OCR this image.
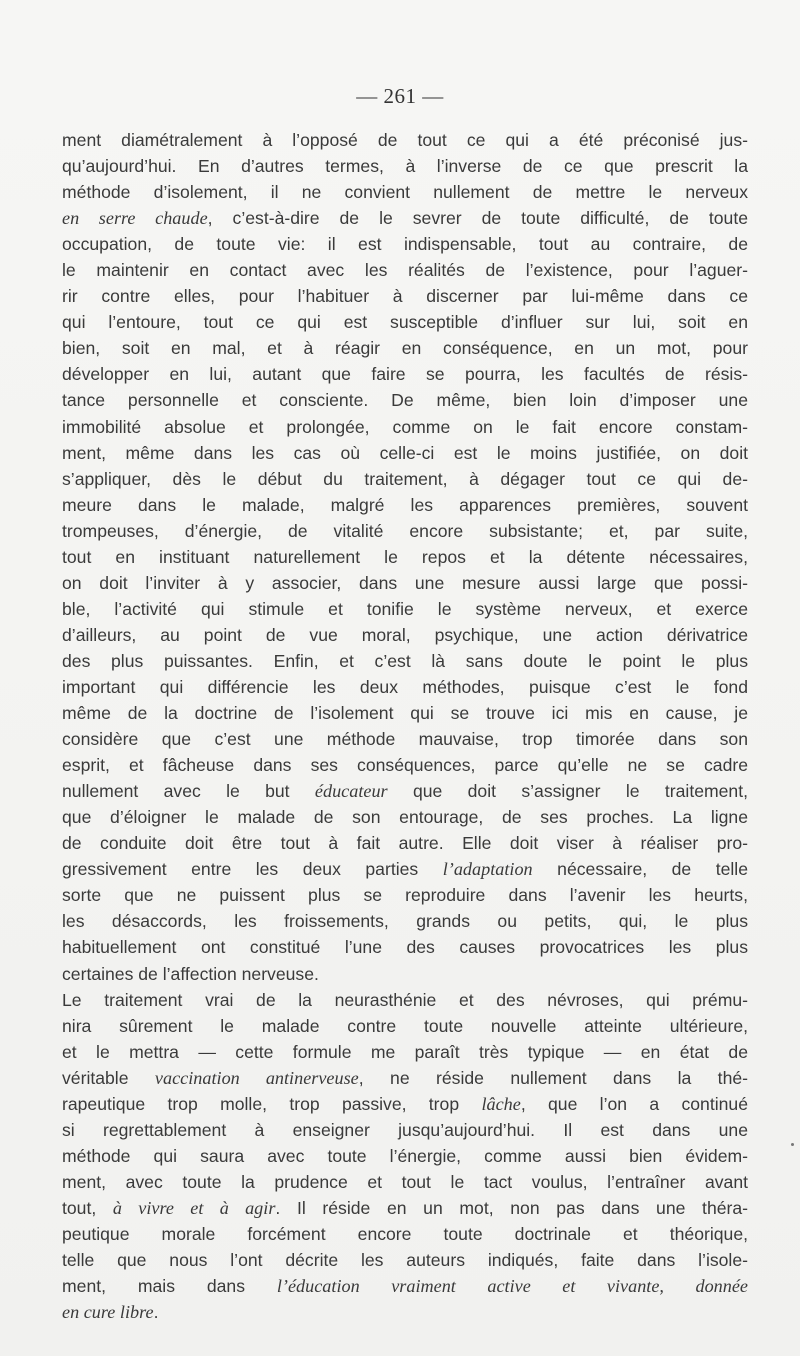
— 261 —

ment diamétralement à l’opposé de tout ce qui a été préconisé jus-
qu’aujourd’hui. En d’autres termes, à l’inverse de ce que prescrit la
méthode d’isolement, il ne convient nullement de mettre le nerveux
en serre chaude, c’est-à-dire de le sevrer de toute difficulté, de toute
occupation, de toute vie: il est indispensable, tout au contraire, de
le maintenir en contact avec les réalités de l’existence, pour l’aguer-
rir contre elles, pour l’habituer à discerner par lui-même dans ce
qui l’entoure, tout ce qui est susceptible d’influer sur lui, soit en
bien, soit en mal, et à réagir en conséquence, en un mot, pour
développer en lui, autant que faire se pourra, les facultés de résis-
tance personnelle et consciente. De même, bien loin d’imposer une
immobilité absolue et prolongée, comme on le fait encore constam-
ment, même dans les cas où celle-ci est le moins justifiée, on doit
s’appliquer, dès le début du traitement, à dégager tout ce qui de-
meure dans le malade, malgré les apparences premières, souvent
trompeuses, d’énergie, de vitalité encore subsistante; et, par suite,
tout en instituant naturellement le repos et la détente nécessaires,
on doit l’inviter à y associer, dans une mesure aussi large que possi-
ble, l’activité qui stimule et tonifie le système nerveux, et exerce
d’ailleurs, au point de vue moral, psychique, une action dérivatrice
des plus puissantes. Enfin, et c’est là sans doute le point le plus
important qui différencie les deux méthodes, puisque c’est le fond
même de la doctrine de l’isolement qui se trouve ici mis en cause, je
considère que c’est une méthode mauvaise, trop timorée dans son
esprit, et fâcheuse dans ses conséquences, parce qu’elle ne se cadre
nullement avec le but éducateur que doit s’assigner le traitement,
que d’éloigner le malade de son entourage, de ses proches. La ligne
de conduite doit être tout à fait autre. Elle doit viser à réaliser pro-
gressivement entre les deux parties l’adaptation nécessaire, de telle
sorte que ne puissent plus se reproduire dans l’avenir les heurts,
les désaccords, les froissements, grands ou petits, qui, le plus
habituellement ont constitué l’une des causes provocatrices les plus
certaines de l’affection nerveuse.

Le traitement vrai de la neurasthénie et des névroses, qui prému-
nira sûrement le malade contre toute nouvelle atteinte ultérieure,
et le mettra — cette formule me paraît très typique — en état de
véritable vaccination antinerveuse, ne réside nullement dans la thé-
rapeutique trop molle, trop passive, trop lâche, que l’on a continué
si regrettablement à enseigner jusqu’aujourd’hui. Il est dans une
méthode qui saura avec toute l’énergie, comme aussi bien évidem-
ment, avec toute la prudence et tout le tact voulus, l’entraîner avant
tout, à vivre et à agir. Il réside en un mot, non pas dans une théra-
peutique morale forcément encore toute doctrinale et théorique,
telle que nous l’ont décrite les auteurs indiqués, faite dans l’isole-
ment, mais dans l’éducation vraiment active et vivante, donnée
en cure libre.
